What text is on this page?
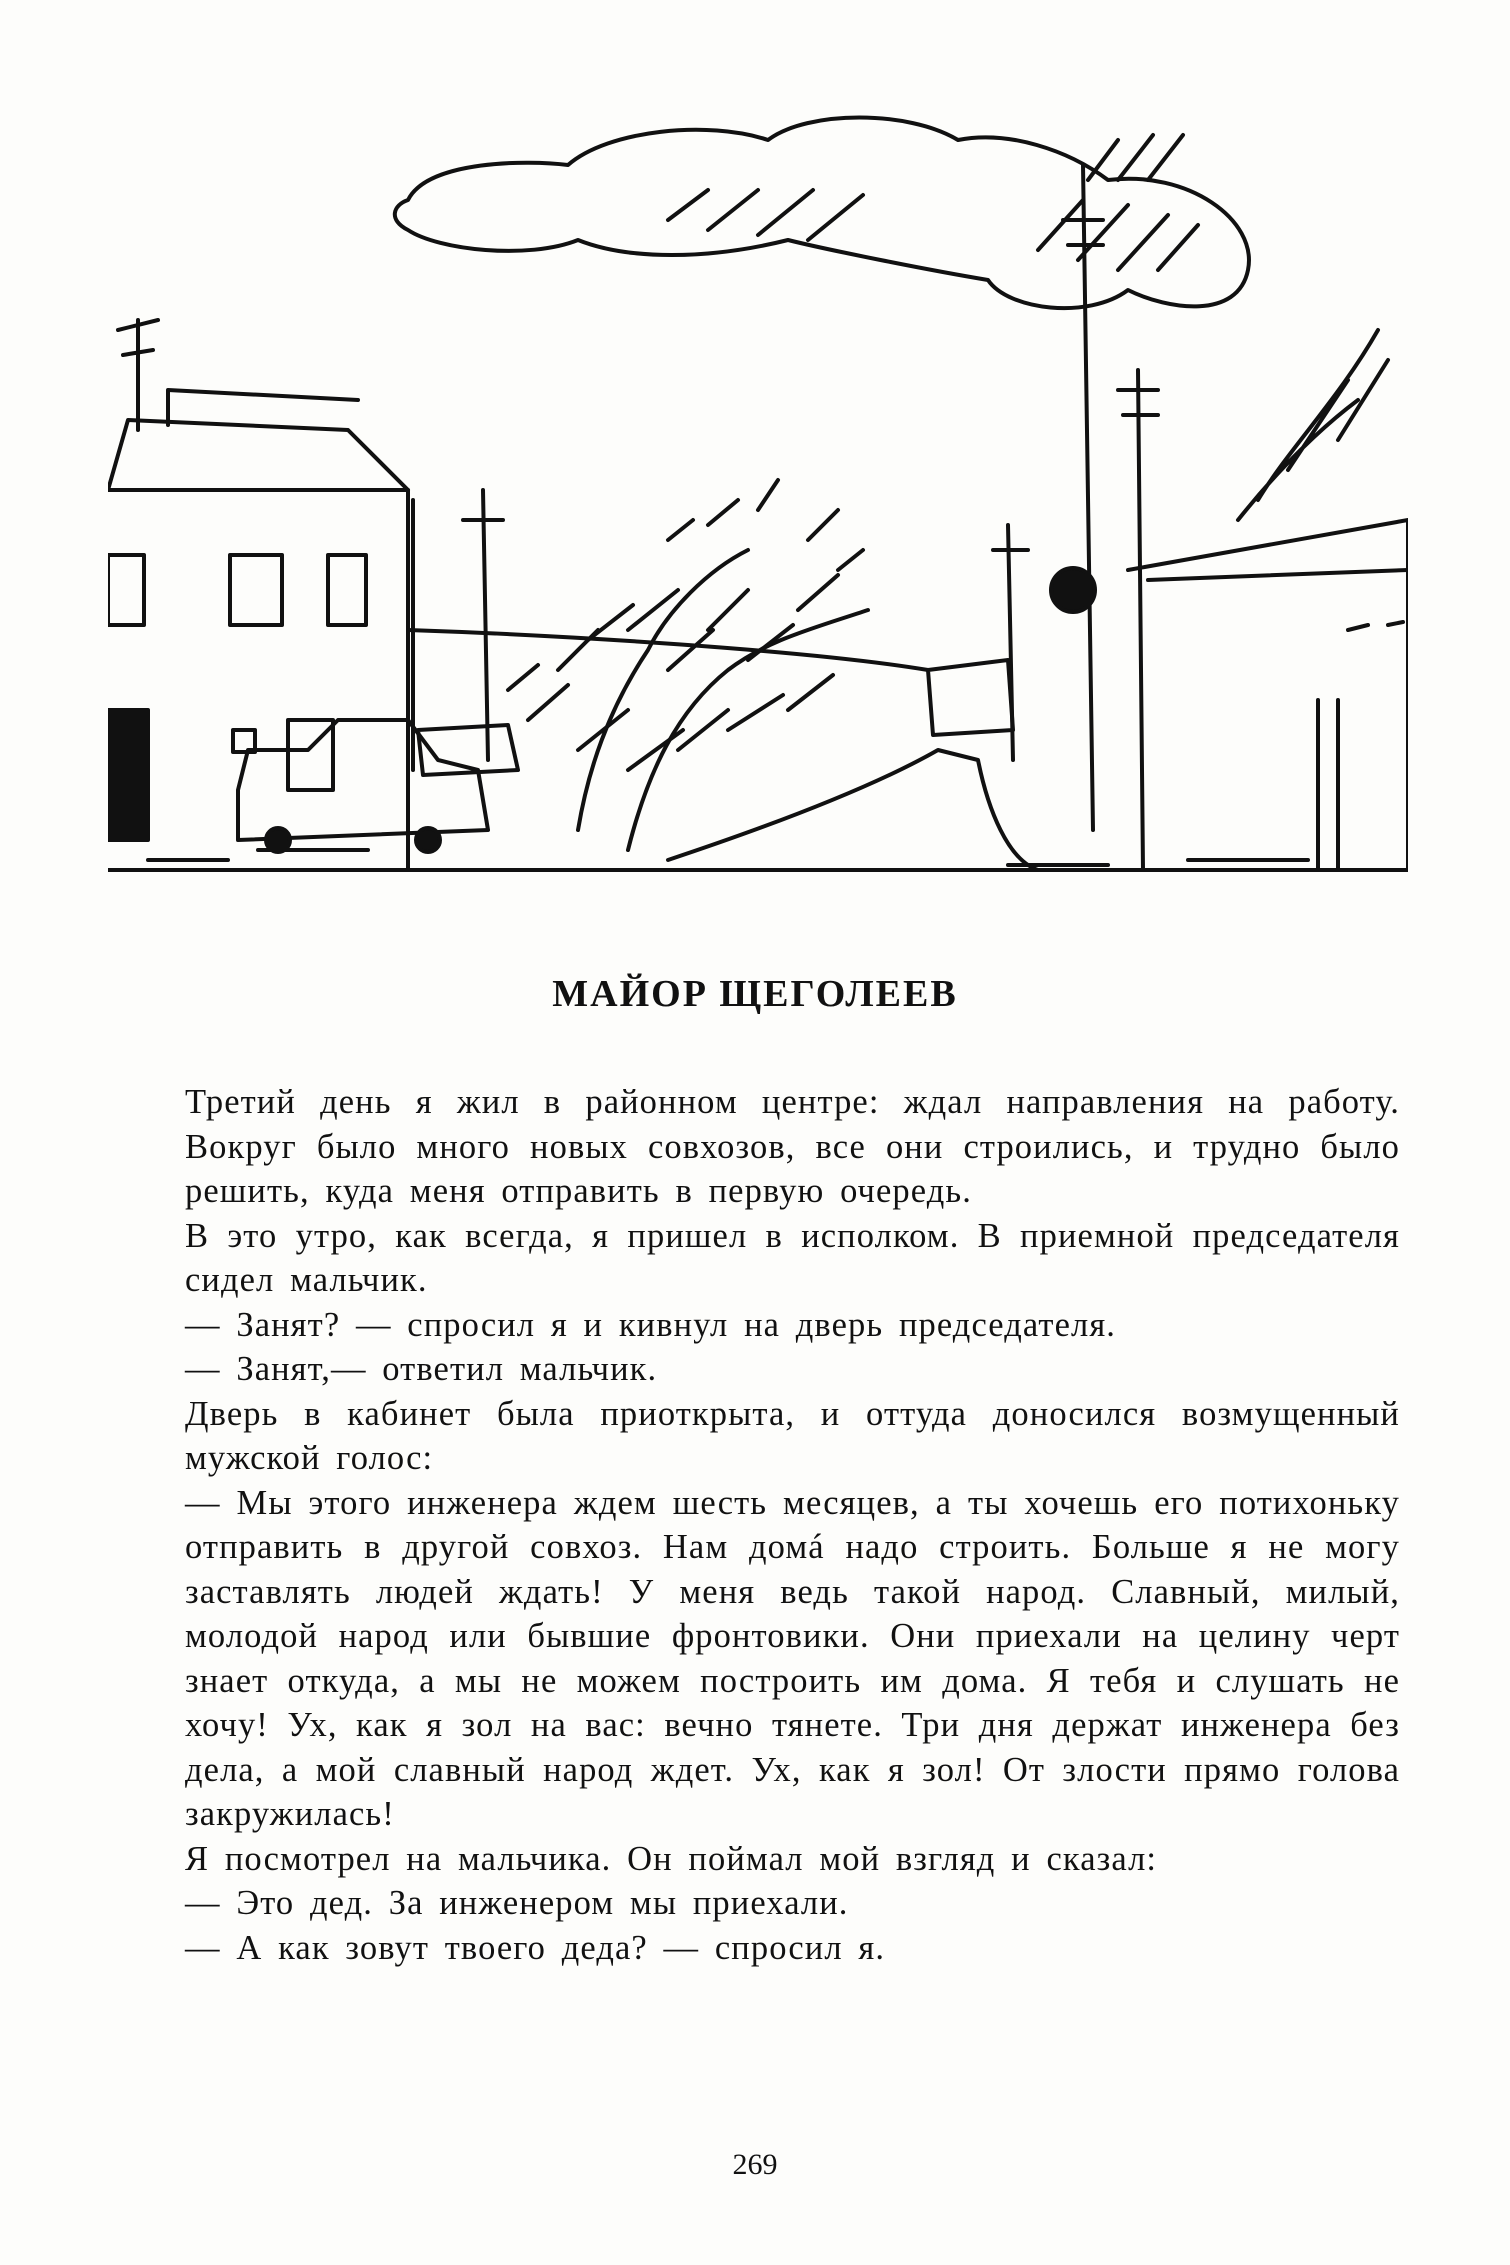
МАЙОР ЩЕГОЛЕЕВ

Третий день я жил в районном центре: ждал направления на работу. Вокруг было много новых совхозов, все они строились, и трудно было решить, куда меня отправить в первую очередь.

В это утро, как всегда, я пришел в исполком. В приемной председателя сидел мальчик.

— Занят? — спросил я и кивнул на дверь председателя.

— Занят,— ответил мальчик.

Дверь в кабинет была приоткрыта, и оттуда доносился возмущенный мужской голос:

— Мы этого инженера ждем шесть месяцев, а ты хочешь его потихоньку отправить в другой совхоз. Нам домá надо строить. Больше я не могу заставлять людей ждать! У меня ведь такой народ. Славный, милый, молодой народ или бывшие фронтовики. Они приехали на целину черт знает откуда, а мы не можем построить им дома. Я тебя и слушать не хочу! Ух, как я зол на вас: вечно тянете. Три дня держат инженера без дела, а мой славный народ ждет. Ух, как я зол! От злости прямо голова закружилась!

Я посмотрел на мальчика. Он поймал мой взгляд и сказал:

— Это дед. За инженером мы приехали.

— А как зовут твоего деда? — спросил я.

269
